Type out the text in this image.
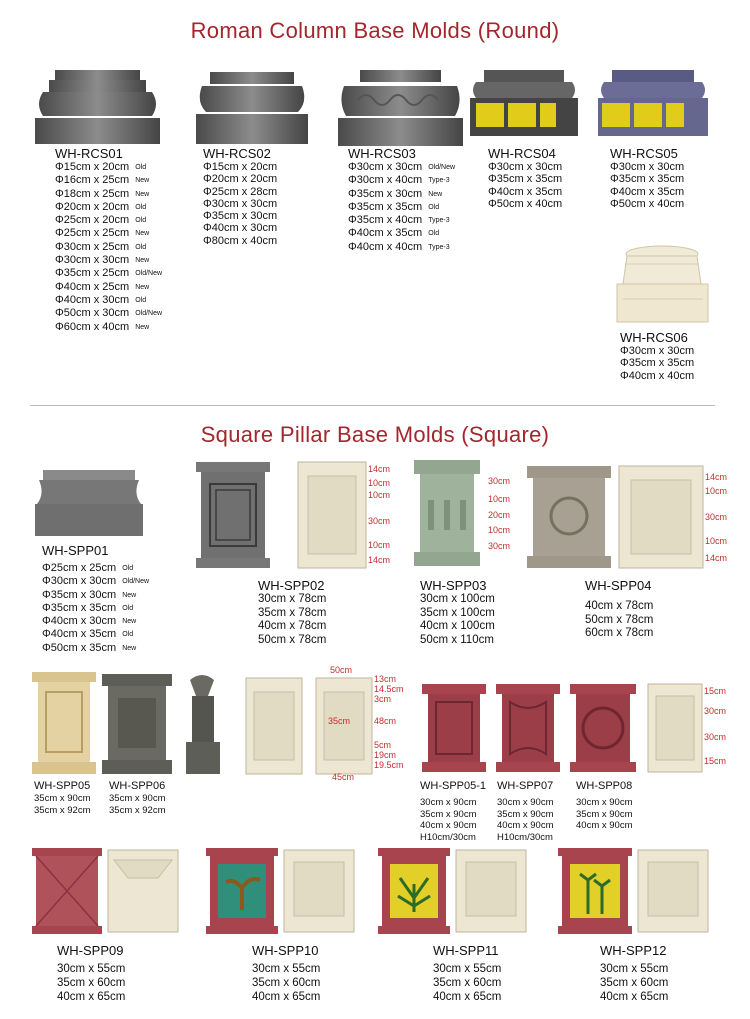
Roman Column Base Molds (Round)
WH-RCS01
Φ15cm x 20cm Old
Φ16cm x 25cm New
Φ18cm x 25cm New
Φ20cm x 20cm Old
Φ25cm x 20cm Old
Φ25cm x 25cm New
Φ30cm x 25cm Old
Φ30cm x 30cm New
Φ35cm x 25cm Old/New
Φ40cm x 25cm New
Φ40cm x 30cm Old
Φ50cm x 30cm Old/New
Φ60cm x 40cm New
WH-RCS02
Φ15cm x 20cm
Φ20cm x 20cm
Φ25cm x 28cm
Φ30cm x 30cm
Φ35cm x 30cm
Φ40cm x 30cm
Φ80cm x 40cm
WH-RCS03
Φ30cm x 30cm Old/New
Φ30cm x 40cm Type-3
Φ35cm x 30cm New
Φ35cm x 35cm Old
Φ35cm x 40cm Type-3
Φ40cm x 35cm Old
Φ40cm x 40cm Type-3
WH-RCS04
Φ30cm x 30cm
Φ35cm x 35cm
Φ40cm x 35cm
Φ50cm x 40cm
WH-RCS05
Φ30cm x 30cm
Φ35cm x 35cm
Φ40cm x 35cm
Φ50cm x 40cm
WH-RCS06
Φ30cm x 30cm
Φ35cm x 35cm
Φ40cm x 40cm
Square Pillar Base Molds (Square)
WH-SPP01
Φ25cm x 25cm Old
Φ30cm x 30cm Old/New
Φ35cm x 30cm New
Φ35cm x 35cm Old
Φ40cm x 30cm New
Φ40cm x 35cm Old
Φ50cm x 35cm New
14cm
10cm
10cm
30cm
10cm
14cm
WH-SPP02
30cm x 78cm
35cm x 78cm
40cm x 78cm
50cm x 78cm
30cm
10cm
20cm
10cm
30cm
WH-SPP03
30cm x 100cm
35cm x 100cm
40cm x 100cm
50cm x 110cm
14cm
10cm
30cm
10cm
14cm
WH-SPP04
40cm x 78cm
50cm x 78cm
60cm x 78cm
50cm
13cm
14.5cm
3cm
48cm
5cm
19cm
19.5cm
35cm
45cm
WH-SPP05
35cm x 90cm
35cm x 92cm
WH-SPP06
35cm x 90cm
35cm x 92cm
15cm
30cm
30cm
15cm
WH-SPP05-1
30cm x 90cm
35cm x 90cm
40cm x 90cm
H10cm/30cm
WH-SPP07
30cm x 90cm
35cm x 90cm
40cm x 90cm
H10cm/30cm
WH-SPP08
30cm x 90cm
35cm x 90cm
40cm x 90cm
WH-SPP09
30cm x 55cm
35cm x 60cm
40cm x 65cm
WH-SPP10
30cm x 55cm
35cm x 60cm
40cm x 65cm
WH-SPP11
30cm x 55cm
35cm x 60cm
40cm x 65cm
WH-SPP12
30cm x 55cm
35cm x 60cm
40cm x 65cm
